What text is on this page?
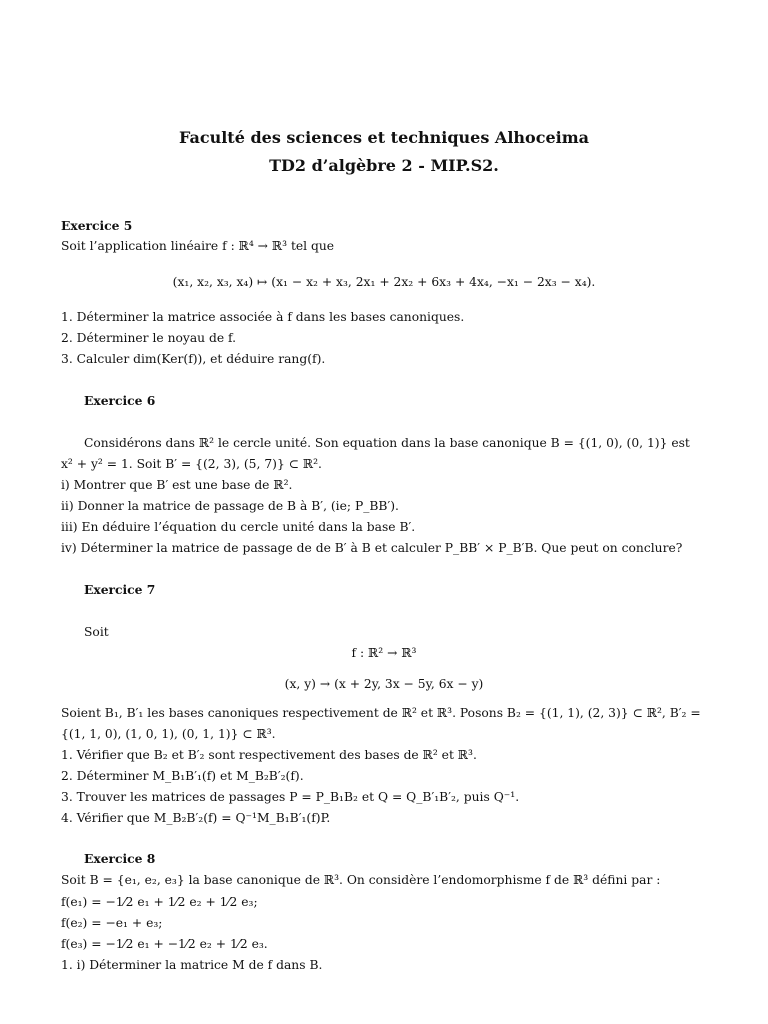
Faculté des sciences et techniques Alhoceima
TD2 d’algèbre 2 - MIP.S2.
Exercice 5
Soit l’application linéaire f : ℝ⁴ → ℝ³ tel que
(x₁, x₂, x₃, x₄) ↦ (x₁ − x₂ + x₃, 2x₁ + 2x₂ + 6x₃ + 4x₄, −x₁ − 2x₃ − x₄).
1. Déterminer la matrice associée à f dans les bases canoniques.
2. Déterminer le noyau de f.
3. Calculer dim(Ker(f)), et déduire rang(f).
Exercice 6
Considérons dans ℝ² le cercle unité. Son equation dans la base canonique B = {(1, 0), (0, 1)} est
x² + y² = 1. Soit B′ = {(2, 3), (5, 7)} ⊂ ℝ².
i) Montrer que B′ est une base de ℝ².
ii) Donner la matrice de passage de B à B′, (ie; P_BB′).
iii) En déduire l’équation du cercle unité dans la base B′.
iv) Déterminer la matrice de passage de de B′ à B et calculer P_BB′ × P_B′B. Que peut on conclure?
Exercice 7
Soit
f : ℝ² → ℝ³
(x, y) → (x + 2y, 3x − 5y, 6x − y)
Soient B₁, B′₁ les bases canoniques respectivement de ℝ² et ℝ³. Posons B₂ = {(1, 1), (2, 3)} ⊂ ℝ², B′₂ =
{(1, 1, 0), (1, 0, 1), (0, 1, 1)} ⊂ ℝ³.
1. Vérifier que B₂ et B′₂ sont respectivement des bases de ℝ² et ℝ³.
2. Déterminer M_B₁B′₁(f) et M_B₂B′₂(f).
3. Trouver les matrices de passages P = P_B₁B₂ et Q = Q_B′₁B′₂, puis Q⁻¹.
4. Vérifier que M_B₂B′₂(f) = Q⁻¹M_B₁B′₁(f)P.
Exercice 8
Soit B = {e₁, e₂, e₃} la base canonique de ℝ³. On considère l’endomorphisme f de ℝ³ défini par :
f(e₁) = −1⁄2 e₁ + 1⁄2 e₂ + 1⁄2 e₃;
f(e₂) = −e₁ + e₃;
f(e₃) = −1⁄2 e₁ + −1⁄2 e₂ + 1⁄2 e₃.
1. i) Déterminer la matrice M de f dans B.
